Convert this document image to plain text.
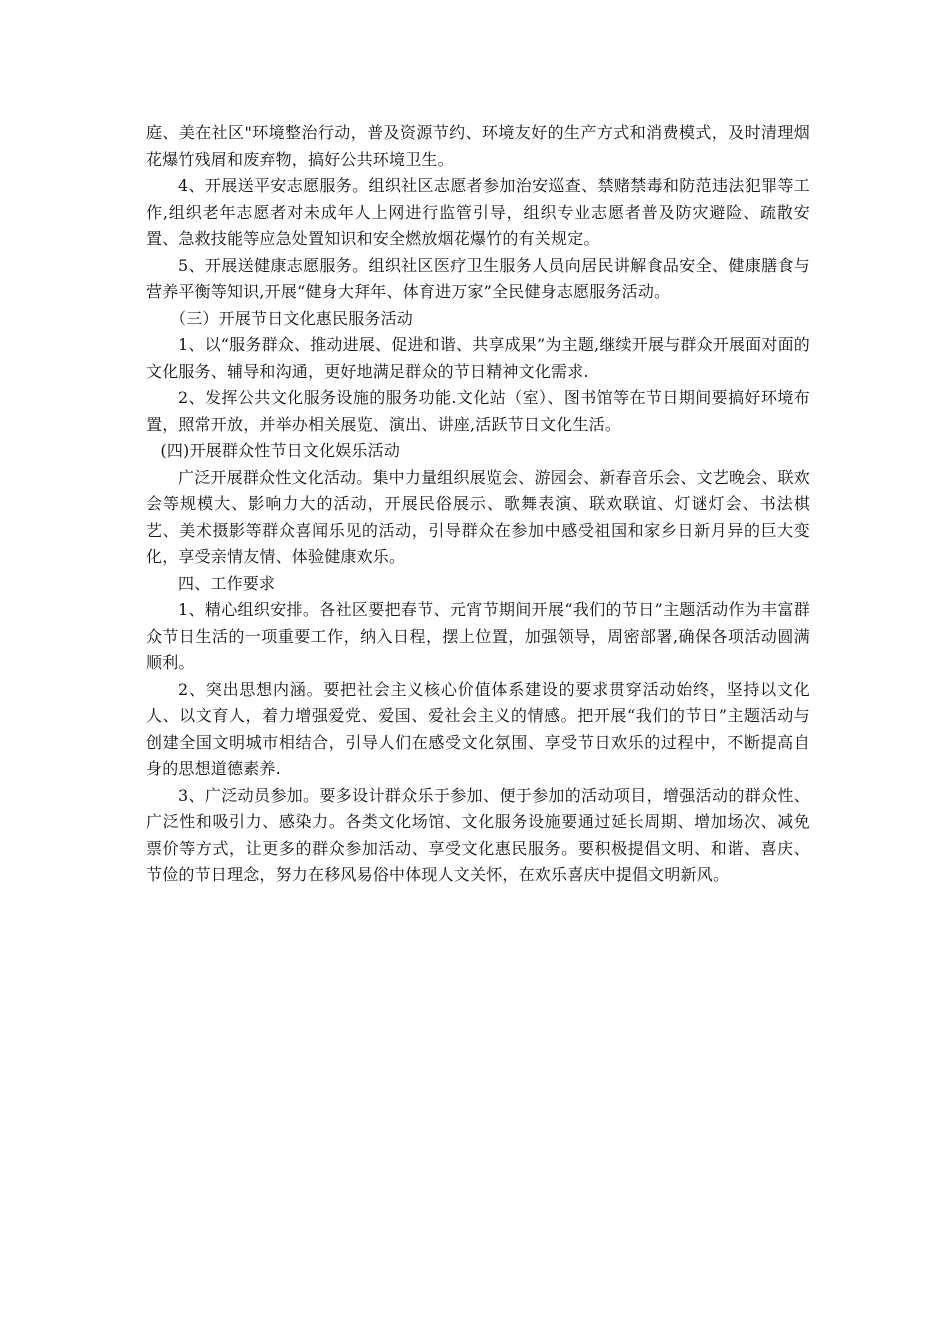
庭、美在社区"环境整治行动，普及资源节约、环境友好的生产方式和消费模式，及时清理烟花爆竹残屑和废弃物，搞好公共环境卫生。

4、开展送平安志愿服务。组织社区志愿者参加治安巡查、禁赌禁毒和防范违法犯罪等工作,组织老年志愿者对未成年人上网进行监管引导，组织专业志愿者普及防灾避险、疏散安置、急救技能等应急处置知识和安全燃放烟花爆竹的有关规定。

5、开展送健康志愿服务。组织社区医疗卫生服务人员向居民讲解食品安全、健康膳食与营养平衡等知识,开展“健身大拜年、体育进万家”全民健身志愿服务活动。

（三）开展节日文化惠民服务活动

1、以“服务群众、推动进展、促进和谐、共享成果”为主题,继续开展与群众开展面对面的文化服务、辅导和沟通，更好地满足群众的节日精神文化需求.

2、发挥公共文化服务设施的服务功能.文化站（室）、图书馆等在节日期间要搞好环境布置，照常开放，并举办相关展览、演出、讲座,活跃节日文化生活。

(四)开展群众性节日文化娱乐活动

广泛开展群众性文化活动。集中力量组织展览会、游园会、新春音乐会、文艺晚会、联欢会等规模大、影响力大的活动，开展民俗展示、歌舞表演、联欢联谊、灯谜灯会、书法棋艺、美术摄影等群众喜闻乐见的活动，引导群众在参加中感受祖国和家乡日新月异的巨大变化，享受亲情友情、体验健康欢乐。

四、工作要求

1、精心组织安排。各社区要把春节、元宵节期间开展“我们的节日”主题活动作为丰富群众节日生活的一项重要工作，纳入日程，摆上位置，加强领导，周密部署,确保各项活动圆满顺利。

2、突出思想内涵。要把社会主义核心价值体系建设的要求贯穿活动始终，坚持以文化人、以文育人，着力增强爱党、爱国、爱社会主义的情感。把开展“我们的节日”主题活动与创建全国文明城市相结合，引导人们在感受文化氛围、享受节日欢乐的过程中，不断提高自身的思想道德素养.

3、广泛动员参加。要多设计群众乐于参加、便于参加的活动项目，增强活动的群众性、广泛性和吸引力、感染力。各类文化场馆、文化服务设施要通过延长周期、增加场次、减免票价等方式，让更多的群众参加活动、享受文化惠民服务。要积极提倡文明、和谐、喜庆、节俭的节日理念，努力在移风易俗中体现人文关怀，在欢乐喜庆中提倡文明新风。
